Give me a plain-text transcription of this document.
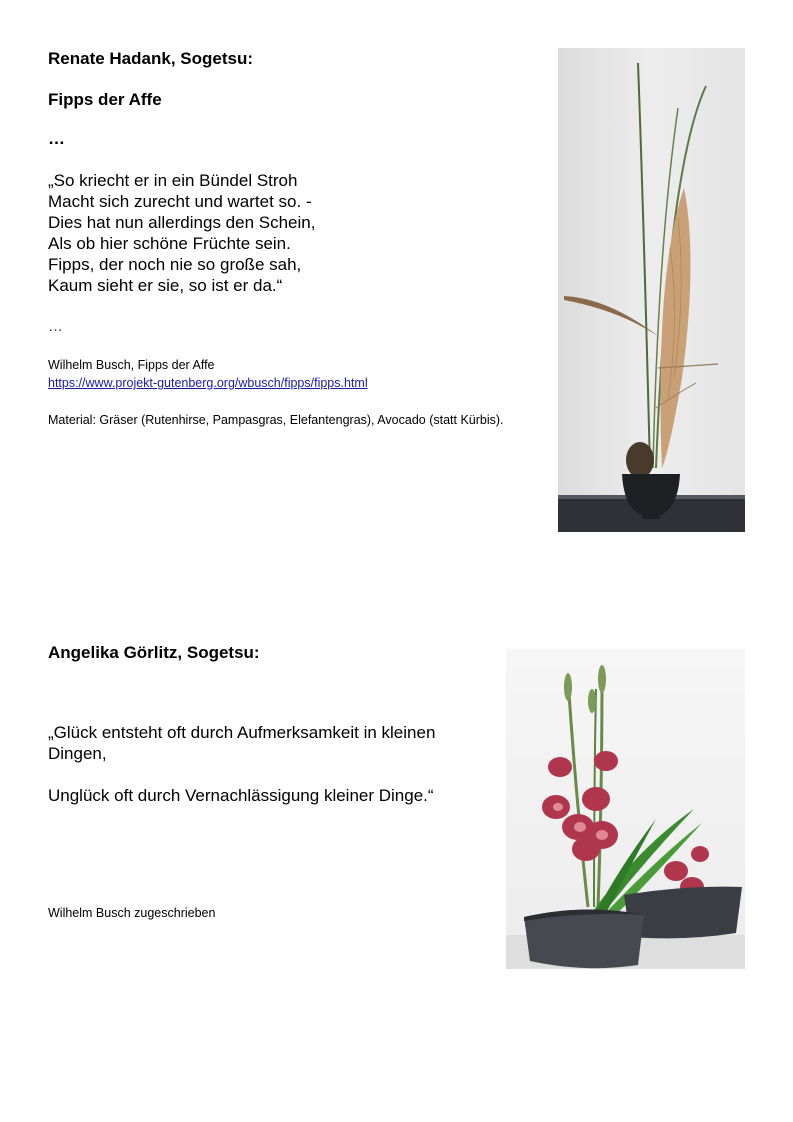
Renate Hadank, Sogetsu:
Fipps der Affe
…
„So kriecht er in ein Bündel Stroh
Macht sich zurecht und wartet so. -
Dies hat nun allerdings den Schein,
Als ob hier schöne Früchte sein.
Fipps, der noch nie so große sah,
Kaum sieht er sie, so ist er da.“
…
Wilhelm Busch, Fipps der Affe
https://www.projekt-gutenberg.org/wbusch/fipps/fipps.html
Material: Gräser (Rutenhirse, Pampasgras, Elefantengras), Avocado (statt Kürbis).
Angelika Görlitz, Sogetsu:
„Glück entsteht oft durch Aufmerksamkeit in kleinen Dingen,
Unglück oft durch Vernachlässigung kleiner Dinge.“
Wilhelm Busch zugeschrieben
